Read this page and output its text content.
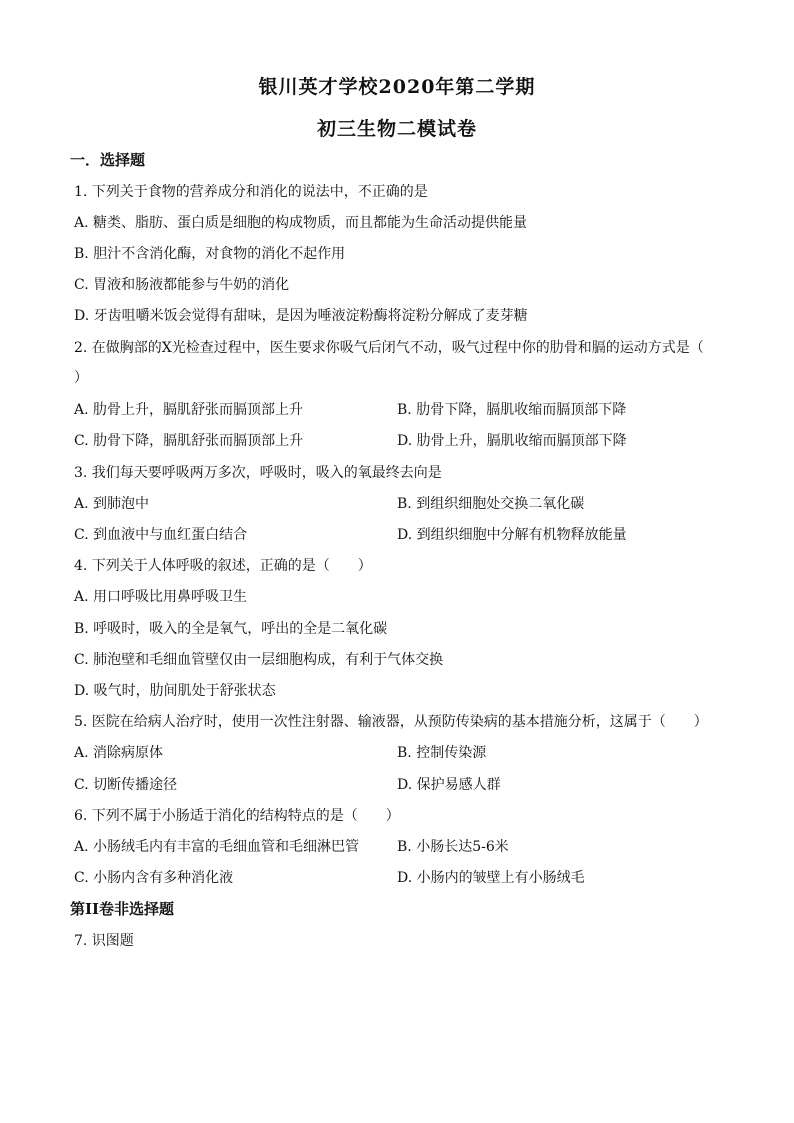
银川英才学校2020年第二学期
初三生物二模试卷
一．选择题
1. 下列关于食物的营养成分和消化的说法中，不正确的是
A. 糖类、脂肪、蛋白质是细胞的构成物质，而且都能为生命活动提供能量
B. 胆汁不含消化酶，对食物的消化不起作用
C. 胃液和肠液都能参与牛奶的消化
D. 牙齿咀嚼米饭会觉得有甜味，是因为唾液淀粉酶将淀粉分解成了麦芽糖
2. 在做胸部的X光检查过程中，医生要求你吸气后闭气不动，吸气过程中你的肋骨和膈的运动方式是（
）
A. 肋骨上升，膈肌舒张而膈顶部上升	B. 肋骨下降，膈肌收缩而膈顶部下降
C. 肋骨下降，膈肌舒张而膈顶部上升	D. 肋骨上升，膈肌收缩而膈顶部下降
3. 我们每天要呼吸两万多次，呼吸时，吸入的氧最终去向是
A. 到肺泡中	B. 到组织细胞处交换二氧化碳
C. 到血液中与血红蛋白结合	D. 到组织细胞中分解有机物释放能量
4. 下列关于人体呼吸的叙述，正确的是（　　）
A. 用口呼吸比用鼻呼吸卫生
B. 呼吸时，吸入的全是氧气，呼出的全是二氧化碳
C. 肺泡壁和毛细血管壁仅由一层细胞构成，有利于气体交换
D. 吸气时，肋间肌处于舒张状态
5. 医院在给病人治疗时，使用一次性注射器、输液器，从预防传染病的基本措施分析，这属于（　　）
A. 消除病原体	B. 控制传染源
C. 切断传播途径	D. 保护易感人群
6. 下列不属于小肠适于消化的结构特点的是（　　）
A. 小肠绒毛内有丰富的毛细血管和毛细淋巴管	B. 小肠长达5-6米
C. 小肠内含有多种消化液	D. 小肠内的皱壁上有小肠绒毛
第II卷非选择题
7. 识图题
